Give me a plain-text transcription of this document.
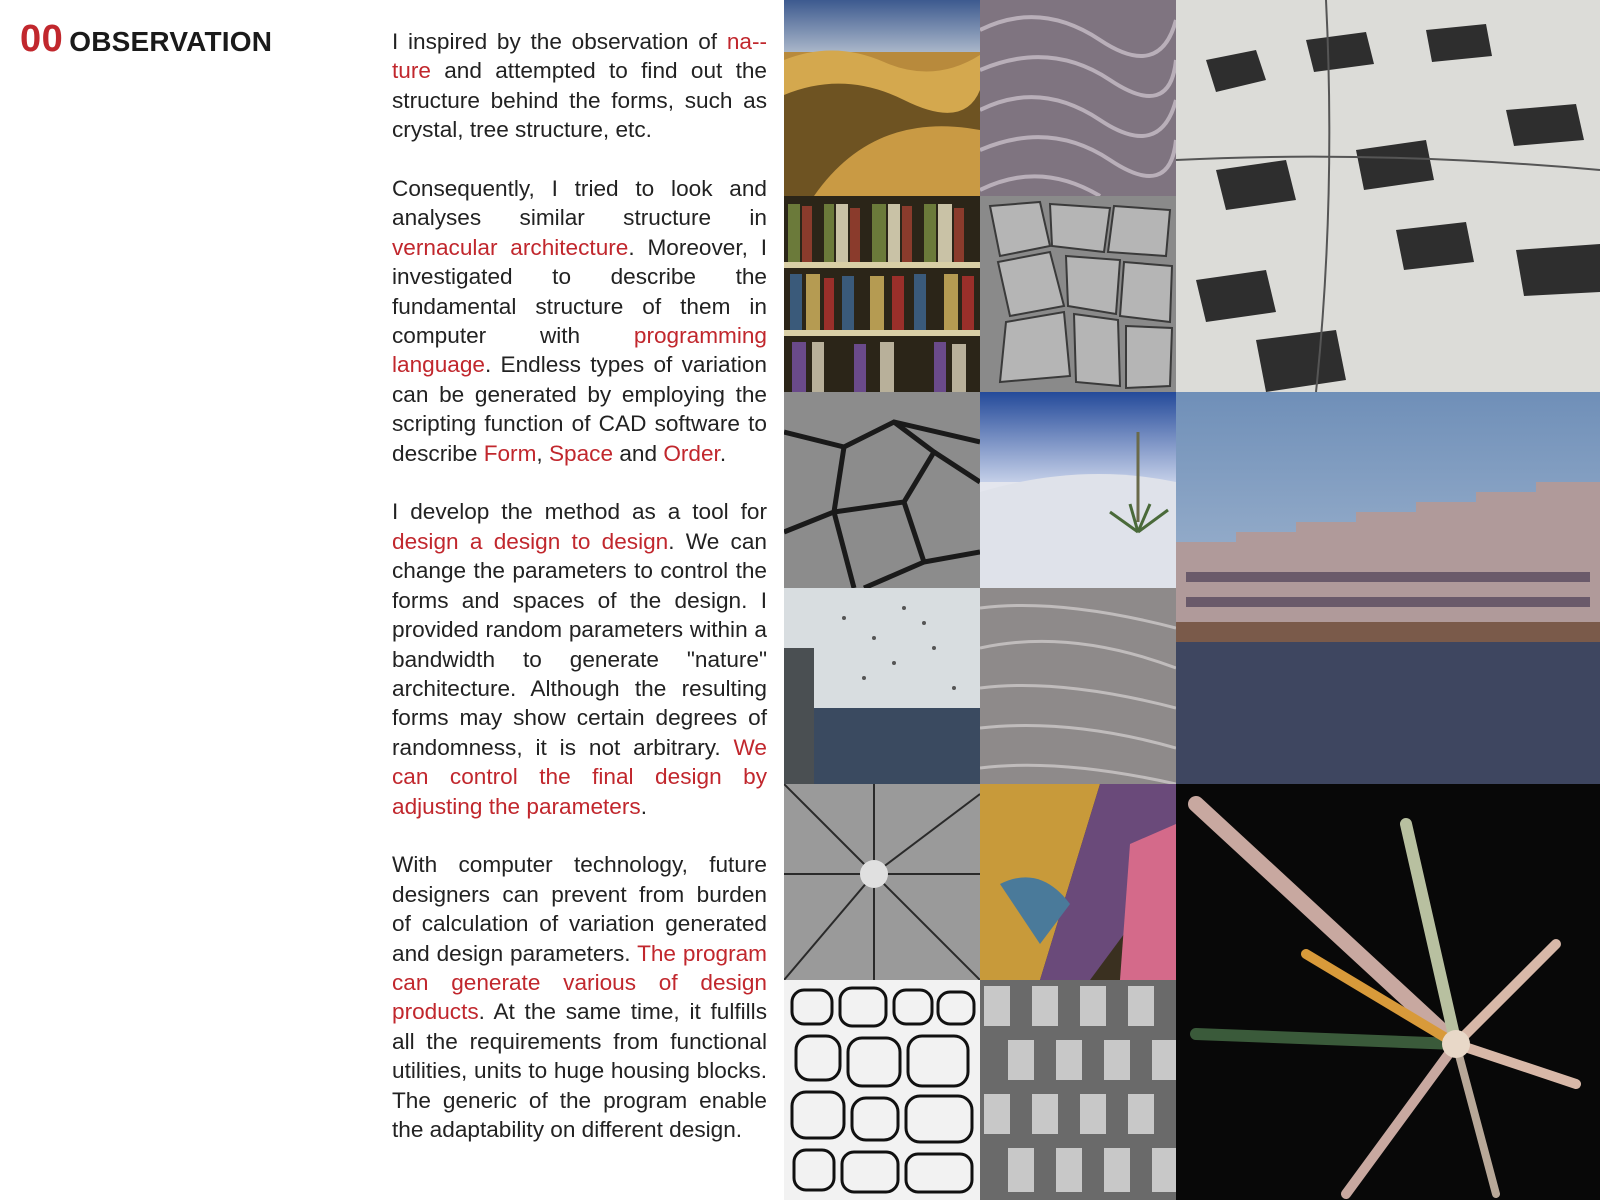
00 OBSERVATION	I inspired by the observation of na-ture and attempted to find out the structure behind the forms, such as crystal, tree structure, etc.

Consequently, I tried to look and analyses similar structure in vernacular architecture. Moreover, I investigated to describe the fundamental structure of them in computer with programming language. Endless types of variation can be generated by employing the scripting function of CAD software to describe Form, Space and Order.

I develop the method as a tool for design a design to design. We can change the parameters to control the forms and spaces of the design. I provided random parameters within a bandwidth to generate "nature" architecture. Although the resulting forms may show certain degrees of randomness, it is not arbitrary. We can control the final design by adjusting the parameters.

With computer technology, future designers can prevent from burden of calculation of variation generated and design parameters. The program can generate various of design products. At the same time, it fulfills all the requirements from functional utilities, units to huge housing blocks. The generic of the program enable the adaptability on different design.
